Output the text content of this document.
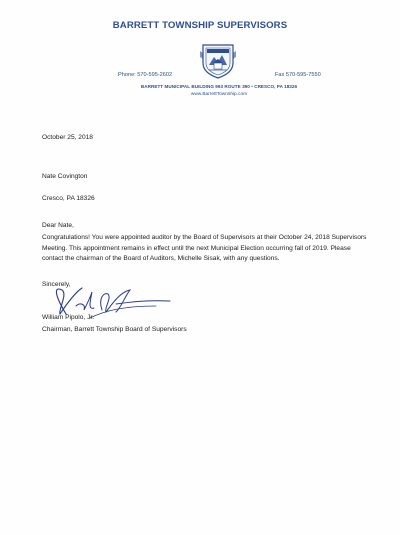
BARRETT TOWNSHIP SUPERVISORS
Phone: 570-595-2602	Fax 570-595-7550
BARRETT MUNICIPAL BUILDING 993 ROUTE 390 • CRESCO, PA 18326
www.BarrettTownship.com
October 25, 2018
Nate Covington
Cresco, PA 18326
Dear Nate,
Congratulations! You were appointed auditor by the Board of Supervisors at their October 24, 2018 Supervisors
Meeting. This appointment remains in effect until the next Municipal Election occurring fall of 2019. Please
contact the chairman of the Board of Auditors, Michelle Sisak, with any questions.
Sincerely,
William Pipolo, Jr.
Chairman, Barrett Township Board of Supervisors
